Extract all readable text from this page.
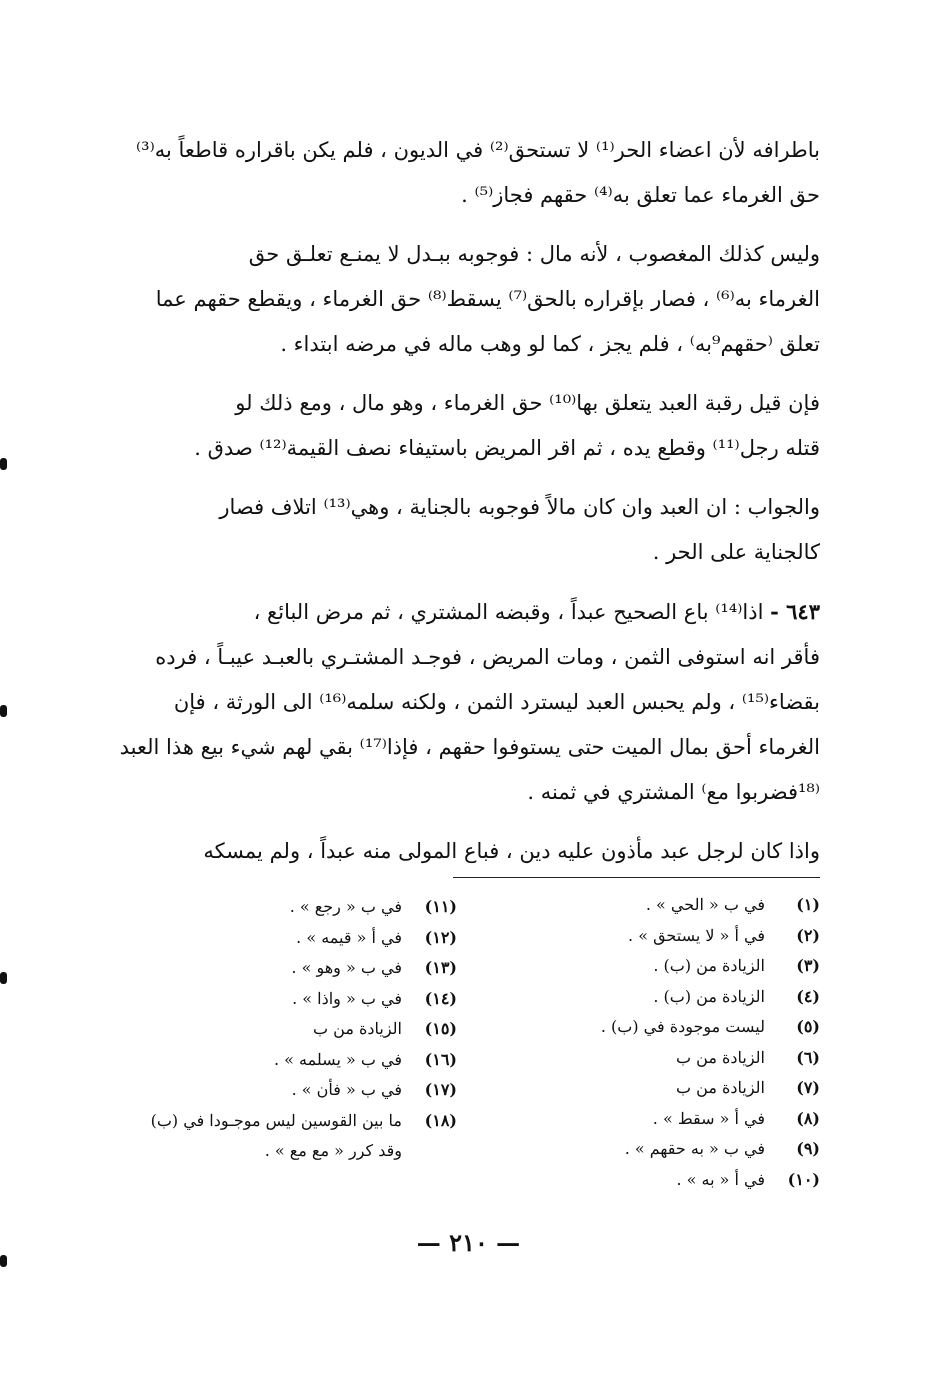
باطرافه لأن اعضاء الحر⁽¹⁾ لا تستحق⁽²⁾ في الديون ، فلم يكن باقراره قاطعاً به⁽³⁾

حق الغرماء عما تعلق به⁽⁴⁾ حقهم فجاز⁽⁵⁾ .

وليس كذلك المغصوب ، لأنه مال : فوجوبه ببـدل لا يمنـع تعلـق حق

الغرماء به⁽⁶⁾ ، فصار بإقراره بالحق⁽⁷⁾ يسقط⁽⁸⁾ حق الغرماء ، ويقطع حقهم عما

تعلق ⁽حقهم⁹به⁾ ، فلم يجز ، كما لو وهب ماله في مرضه ابتداء .

فإن قيل رقبة العبد يتعلق بها⁽¹⁰⁾ حق الغرماء ، وهو مال ، ومع ذلك لو

قتله رجل⁽¹¹⁾ وقطع يده ، ثم اقر المريض باستيفاء نصف القيمة⁽¹²⁾ صدق .

والجواب : ان العبد وان كان مالاً فوجوبه بالجناية ، وهي⁽¹³⁾ اتلاف فصار

كالجناية على الحر .

٦٤٣ - اذا⁽¹⁴⁾ باع الصحيح عبداً ، وقبضه المشتري ، ثم مرض البائع ،

فأقر انه استوفى الثمن ، ومات المريض ، فوجـد المشتـري بالعبـد عيبـاً ، فرده

بقضاء⁽¹⁵⁾ ، ولم يحبس العبد ليسترد الثمن ، ولكنه سلمه⁽¹⁶⁾ الى الورثة ، فإن

الغرماء أحق بمال الميت حتى يستوفوا حقهم ، فإذا⁽¹⁷⁾ بقي لهم شيء بيع هذا العبد

⁽¹⁸فضربوا مع⁾ المشتري في ثمنه .

واذا كان لرجل عبد مأذون عليه دين ، فباع المولى منه عبداً ، ولم يمسكه

(١)
في ب « الحي » .
(٢)
في أ « لا يستحق » .
(٣)
الزيادة من (ب) .
(٤)
الزيادة من (ب) .
(٥)
ليست موجودة في (ب) .
(٦)
الزيادة من ب
(٧)
الزيادة من ب
(٨)
في أ « سقط » .
(٩)
في ب « به حقهم » .
(١٠)
في أ « به » .
(١١)
في ب « رجع » .
(١٢)
في أ « قيمه » .
(١٣)
في ب « وهو » .
(١٤)
في ب « واذا » .
(١٥)
الزيادة من ب
(١٦)
في ب « يسلمه » .
(١٧)
في ب « فأن » .
(١٨)
ما بين القوسين ليس موجـودا في (ب)
وقد كرر « مع مع » .
— ٢١٠ —
